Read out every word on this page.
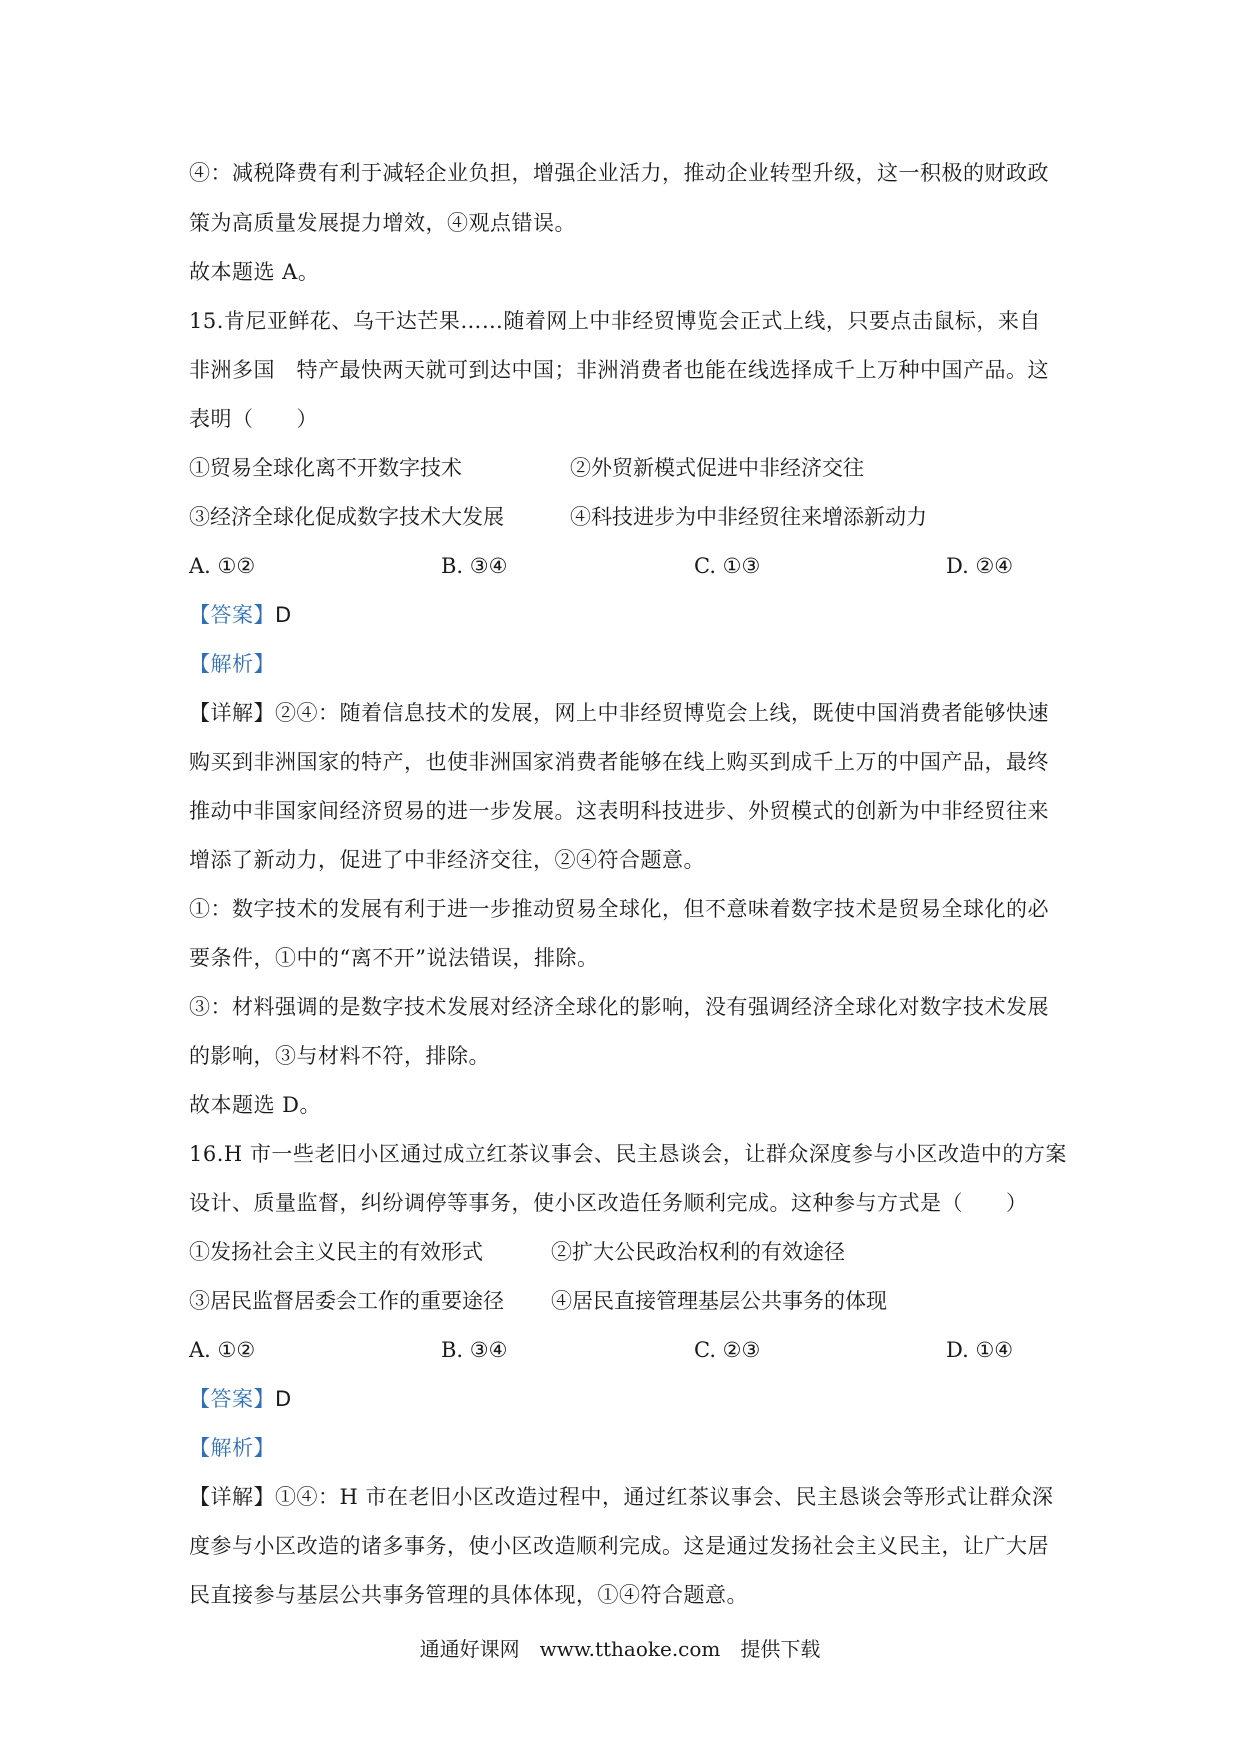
④：减税降费有利于减轻企业负担，增强企业活力，推动企业转型升级，这一积极的财政政
策为高质量发展提力增效，④观点错误。
故本题选 A。
15.肯尼亚鲜花、乌干达芒果……随着网上中非经贸博览会正式上线，只要点击鼠标，来自
非洲多国　特产最快两天就可到达中国；非洲消费者也能在线选择成千上万种中国产品。这
表明（　　）
①贸易全球化离不开数字技术	②外贸新模式促进中非经济交往
③经济全球化促成数字技术大发展	④科技进步为中非经贸往来增添新动力
A. ①②	B. ③④	C. ①③	D. ②④
【答案】D
【解析】
【详解】②④：随着信息技术的发展，网上中非经贸博览会上线，既使中国消费者能够快速
购买到非洲国家的特产，也使非洲国家消费者能够在线上购买到成千上万的中国产品，最终
推动中非国家间经济贸易的进一步发展。这表明科技进步、外贸模式的创新为中非经贸往来
增添了新动力，促进了中非经济交往，②④符合题意。
①：数字技术的发展有利于进一步推动贸易全球化，但不意味着数字技术是贸易全球化的必
要条件，①中的“离不开”说法错误，排除。
③：材料强调的是数字技术发展对经济全球化的影响，没有强调经济全球化对数字技术发展
的影响，③与材料不符，排除。
故本题选 D。
16.H 市一些老旧小区通过成立红茶议事会、民主恳谈会，让群众深度参与小区改造中的方案
设计、质量监督，纠纷调停等事务，使小区改造任务顺利完成。这种参与方式是（　　）
①发扬社会主义民主的有效形式	②扩大公民政治权利的有效途径
③居民监督居委会工作的重要途径 ④居民直接管理基层公共事务的体现
A. ①②	B. ③④	C. ②③	D. ①④
【答案】D
【解析】
【详解】①④：H 市在老旧小区改造过程中，通过红茶议事会、民主恳谈会等形式让群众深
度参与小区改造的诸多事务，使小区改造顺利完成。这是通过发扬社会主义民主，让广大居
民直接参与基层公共事务管理的具体体现，①④符合题意。
通通好课网　www.tthaoke.com　提供下载
